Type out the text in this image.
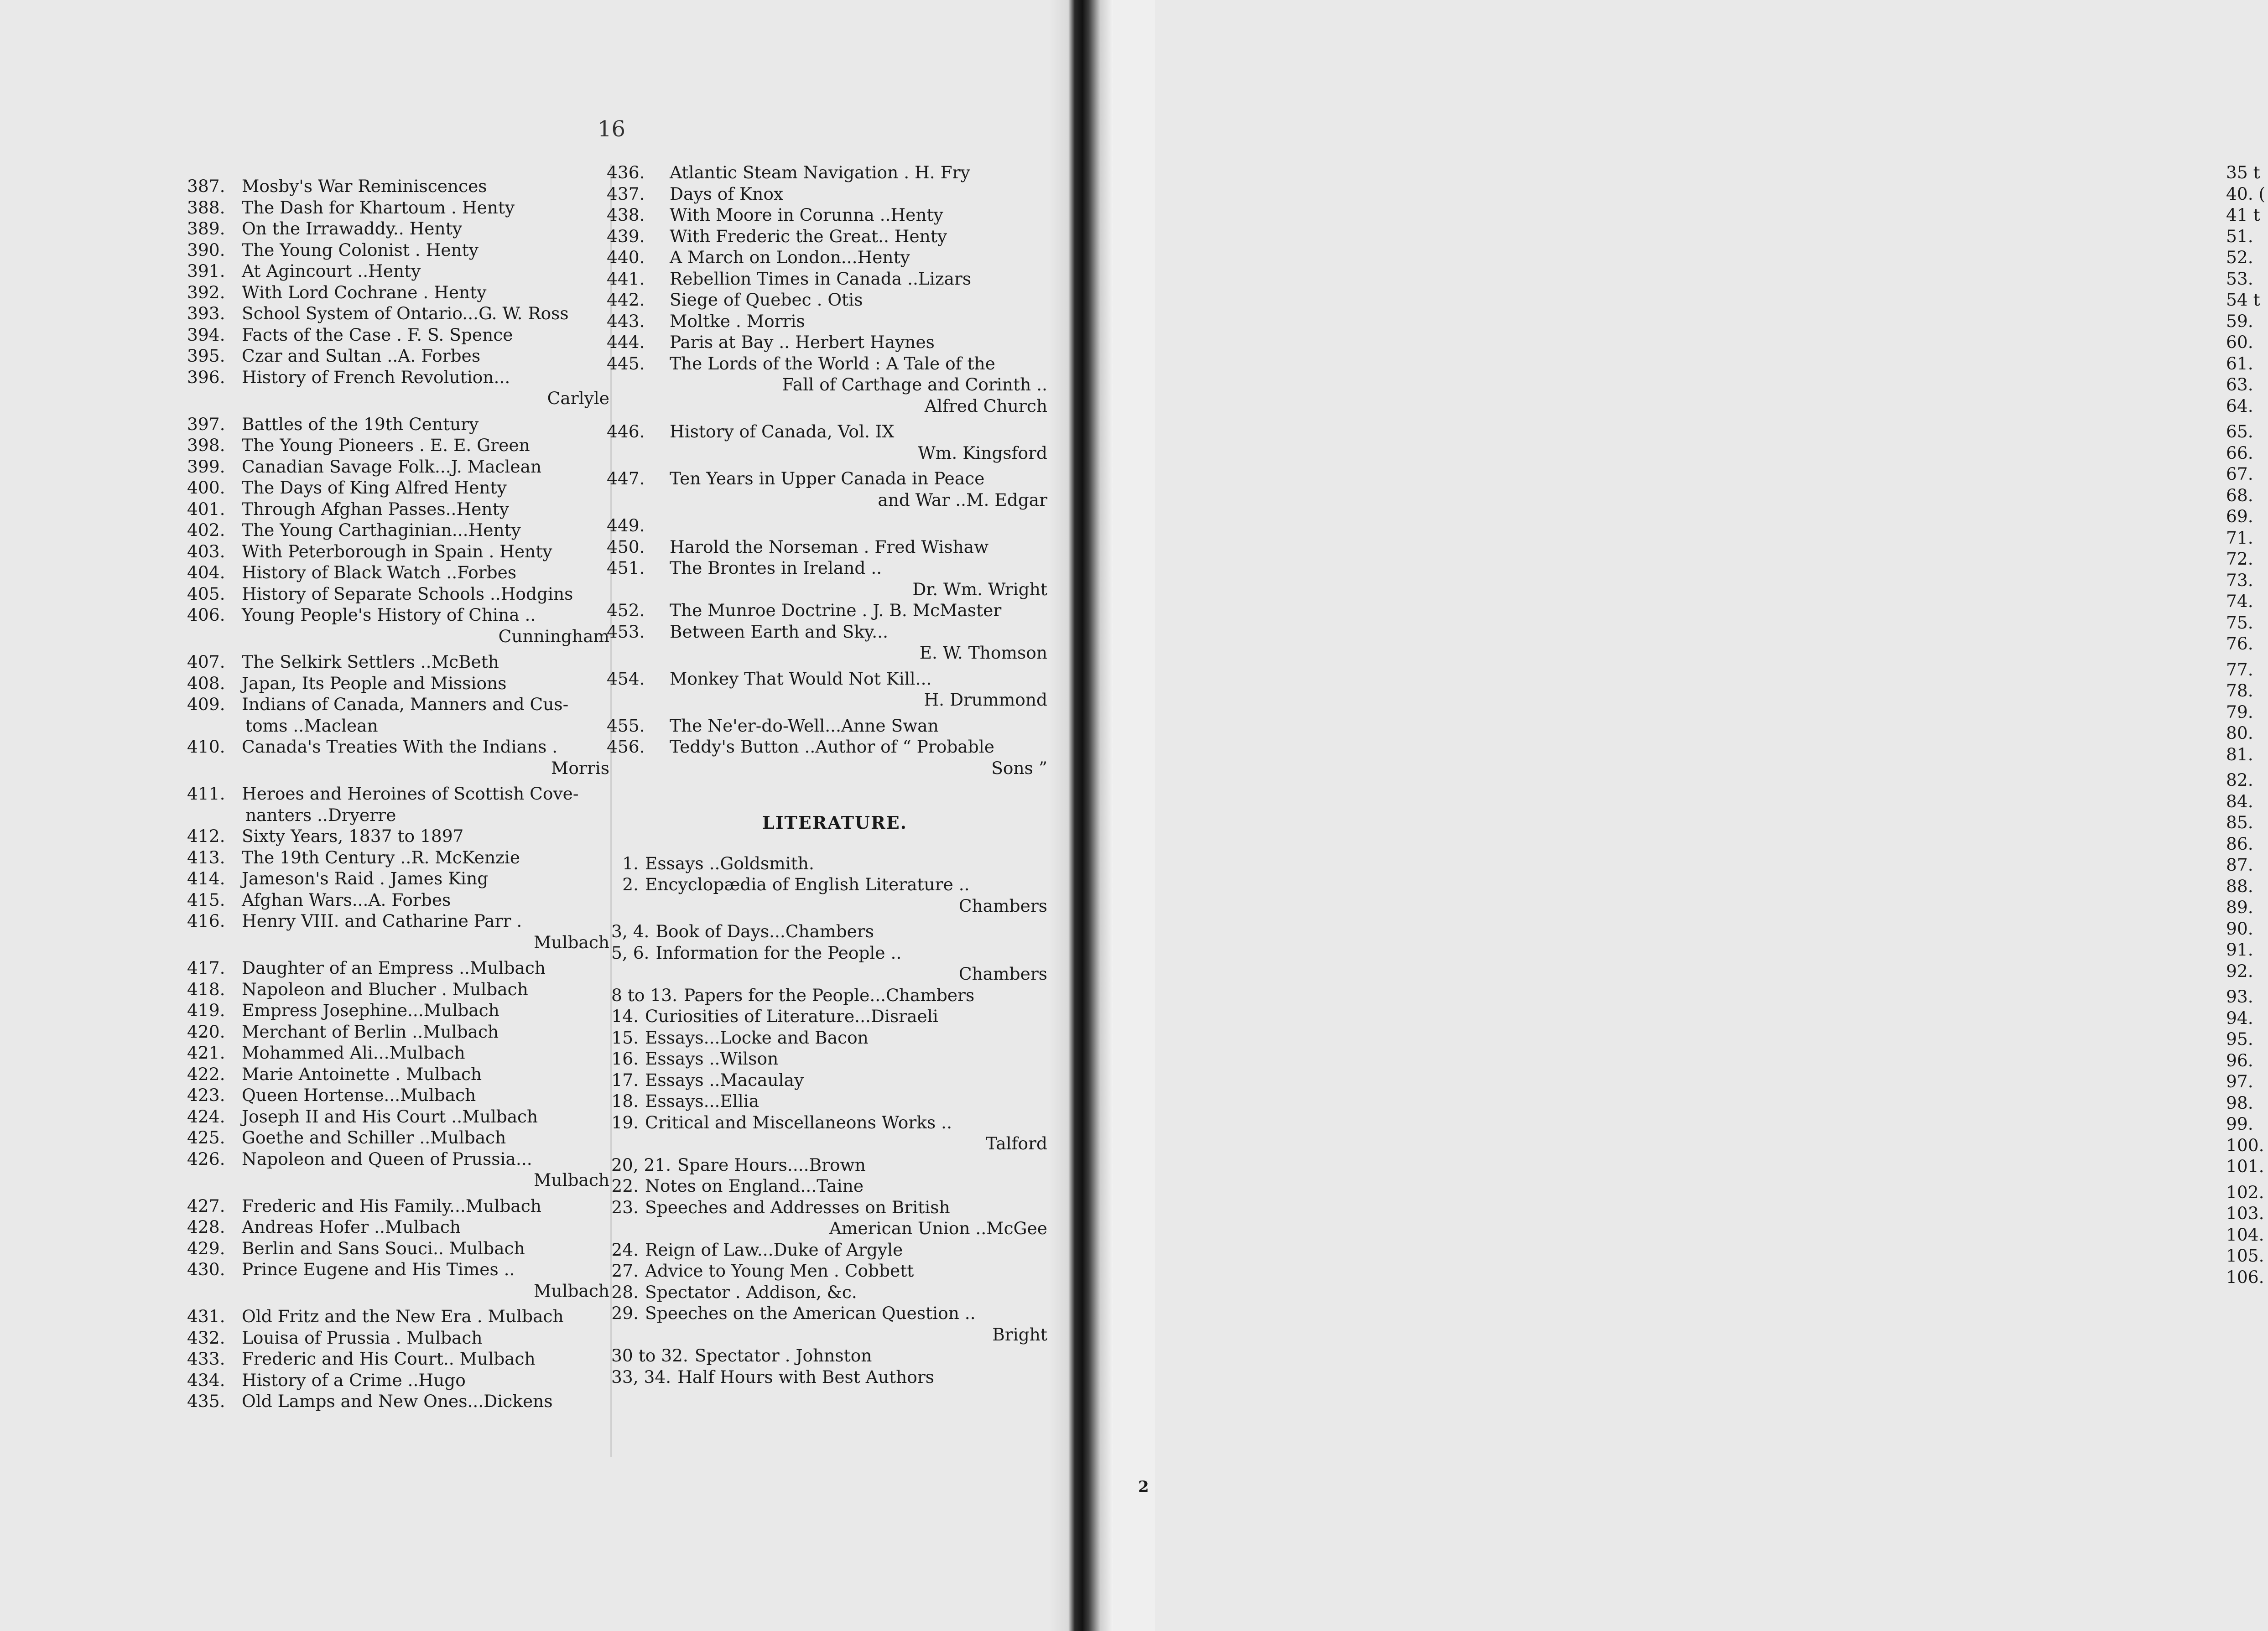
16
387. Mosby's War Reminiscences
388. The Dash for Khartoum . Henty
389. On the Irrawaddy.. Henty
390. The Young Colonist . Henty
391. At Agincourt ..Henty
392. With Lord Cochrane . Henty
393. School System of Ontario...G. W. Ross
394. Facts of the Case . F. S. Spence
395. Czar and Sultan ..A. Forbes
396. History of French Revolution...
Carlyle
397. Battles of the 19th Century
398. The Young Pioneers . E. E. Green
399. Canadian Savage Folk...J. Maclean
400. The Days of King Alfred Henty
401. Through Afghan Passes..Henty
402. The Young Carthaginian...Henty
403. With Peterborough in Spain . Henty
404. History of Black Watch ..Forbes
405. History of Separate Schools ..Hodgins
406. Young People's History of China ..
Cunningham
407. The Selkirk Settlers ..McBeth
408. Japan, Its People and Missions
409. Indians of Canada, Manners and Cus-
toms ..Maclean
410. Canada's Treaties With the Indians .
Morris
411. Heroes and Heroines of Scottish Cove-
nanters ..Dryerre
412. Sixty Years, 1837 to 1897
413. The 19th Century ..R. McKenzie
414. Jameson's Raid . James King
415. Afghan Wars...A. Forbes
416. Henry VIII. and Catharine Parr .
Mulbach
417. Daughter of an Empress ..Mulbach
418. Napoleon and Blucher . Mulbach
419. Empress Josephine...Mulbach
420. Merchant of Berlin ..Mulbach
421. Mohammed Ali...Mulbach
422. Marie Antoinette . Mulbach
423. Queen Hortense...Mulbach
424. Joseph II and His Court ..Mulbach
425. Goethe and Schiller ..Mulbach
426. Napoleon and Queen of Prussia...
Mulbach
427. Frederic and His Family...Mulbach
428. Andreas Hofer ..Mulbach
429. Berlin and Sans Souci.. Mulbach
430. Prince Eugene and His Times ..
Mulbach
431. Old Fritz and the New Era . Mulbach
432. Louisa of Prussia . Mulbach
433. Frederic and His Court.. Mulbach
434. History of a Crime ..Hugo
435. Old Lamps and New Ones...Dickens
436. Atlantic Steam Navigation . H. Fry
437. Days of Knox
438. With Moore in Corunna ..Henty
439. With Frederic the Great.. Henty
440. A March on London...Henty
441. Rebellion Times in Canada ..Lizars
442. Siege of Quebec . Otis
443. Moltke . Morris
444. Paris at Bay .. Herbert Haynes
445. The Lords of the World : A Tale of the
Fall of Carthage and Corinth ..
Alfred Church
446. History of Canada, Vol. IX
Wm. Kingsford
447. Ten Years in Upper Canada in Peace
and War ..M. Edgar
449.
450. Harold the Norseman . Fred Wishaw
451. The Brontes in Ireland ..
Dr. Wm. Wright
452. The Munroe Doctrine . J. B. McMaster
453. Between Earth and Sky...
E. W. Thomson
454. Monkey That Would Not Kill...
H. Drummond
455. The Ne'er-do-Well...Anne Swan
456. Teddy's Button ..Author of “ Probable
Sons ”
LITERATURE.
1. Essays ..Goldsmith.
2. Encyclopædia of English Literature ..
Chambers
3, 4. Book of Days...Chambers
5, 6. Information for the People ..
Chambers
8 to 13. Papers for the People...Chambers
14. Curiosities of Literature...Disraeli
15. Essays...Locke and Bacon
16. Essays ..Wilson
17. Essays ..Macaulay
18. Essays...Ellia
19. Critical and Miscellaneons Works ..
Talford
20, 21. Spare Hours....Brown
22. Notes on England...Taine
23. Speeches and Addresses on British
American Union ..McGee
24. Reign of Law...Duke of Argyle
27. Advice to Young Men . Cobbett
28. Spectator . Addison, &c.
29. Speeches on the American Question ..
Bright
30 to 32. Spectator . Johnston
33, 34. Half Hours with Best Authors
35 t
40. (
41 t
51.
52.
53.
54 t
59.
60.
61.
63.
64.
65.
66.
67.
68.
69.
71.
72.
73.
74.
75.
76.
77.
78.
79.
80.
81.
82.
84.
85.
86.
87.
88.
89.
90.
91.
92.
93.
94.
95.
96.
97.
98.
99.
100.
101.
102.
103.
104.
105.
106.
2
